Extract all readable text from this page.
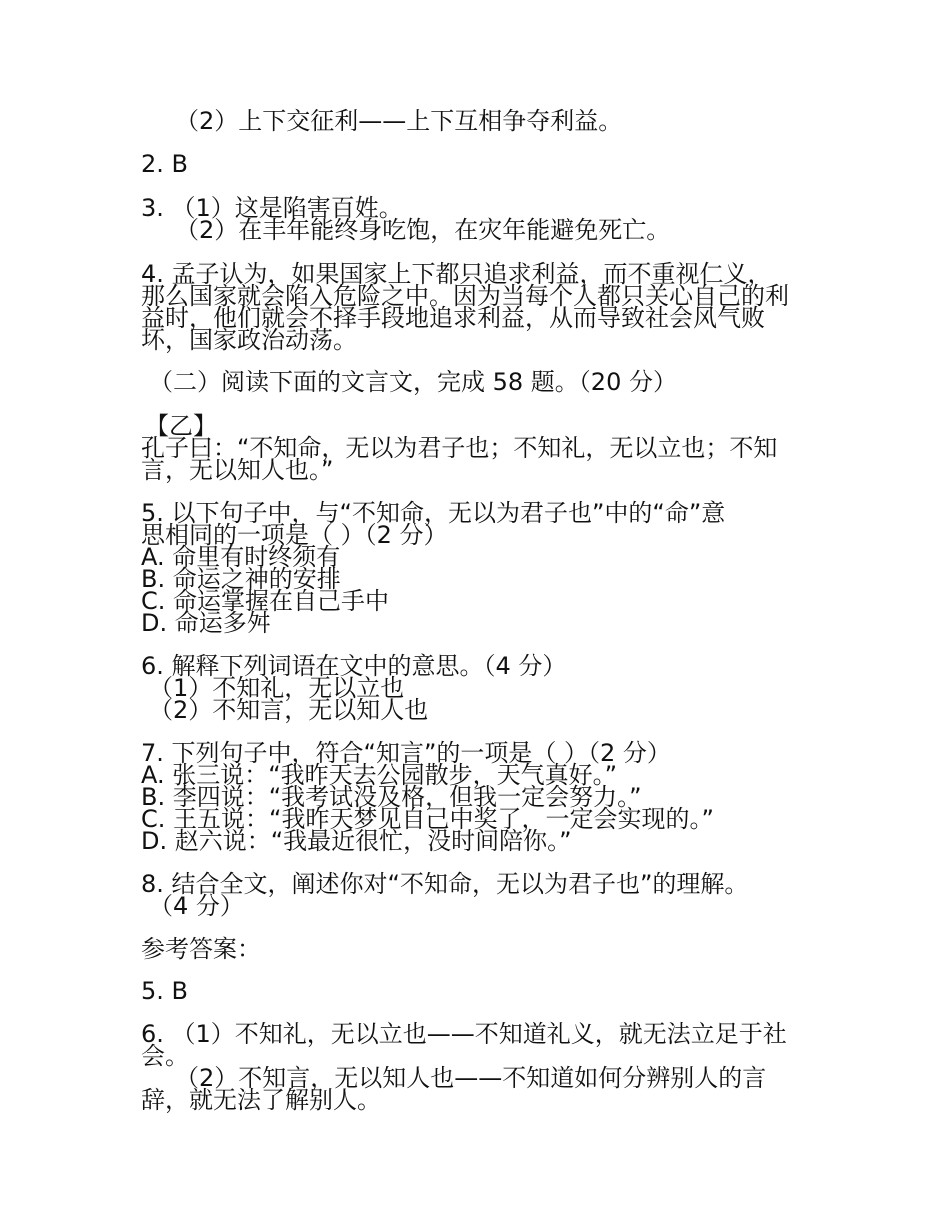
（2）上下交征利——上下互相争夺利益。
2. B
3. （1）这是陷害百姓。
（2）在丰年能终身吃饱，在灾年能避免死亡。
4. 孟子认为，如果国家上下都只追求利益，而不重视仁义，
那么国家就会陷入危险之中。因为当每个人都只关心自己的利
益时，他们就会不择手段地追求利益，从而导致社会风气败
坏，国家政治动荡。
（二）阅读下面的文言文，完成 58 题。（20 分）
【乙】
孔子曰：“不知命，无以为君子也；不知礼，无以立也；不知
言，无以知人也。”
5. 以下句子中，与“不知命，无以为君子也”中的“命”意
思相同的一项是（ ）（2 分）
A. 命里有时终须有
B. 命运之神的安排
C. 命运掌握在自己手中
D. 命运多舛
6. 解释下列词语在文中的意思。（4 分）
（1）不知礼，无以立也
（2）不知言，无以知人也
7. 下列句子中，符合“知言”的一项是（ ）（2 分）
A. 张三说：“我昨天去公园散步，天气真好。”
B. 李四说：“我考试没及格，但我一定会努力。”
C. 王五说：“我昨天梦见自己中奖了，一定会实现的。”
D. 赵六说：“我最近很忙，没时间陪你。”
8. 结合全文，阐述你对“不知命，无以为君子也”的理解。
（4 分）
参考答案：
5. B
6. （1）不知礼，无以立也——不知道礼义，就无法立足于社
会。
（2）不知言，无以知人也——不知道如何分辨别人的言
辞，就无法了解别人。
